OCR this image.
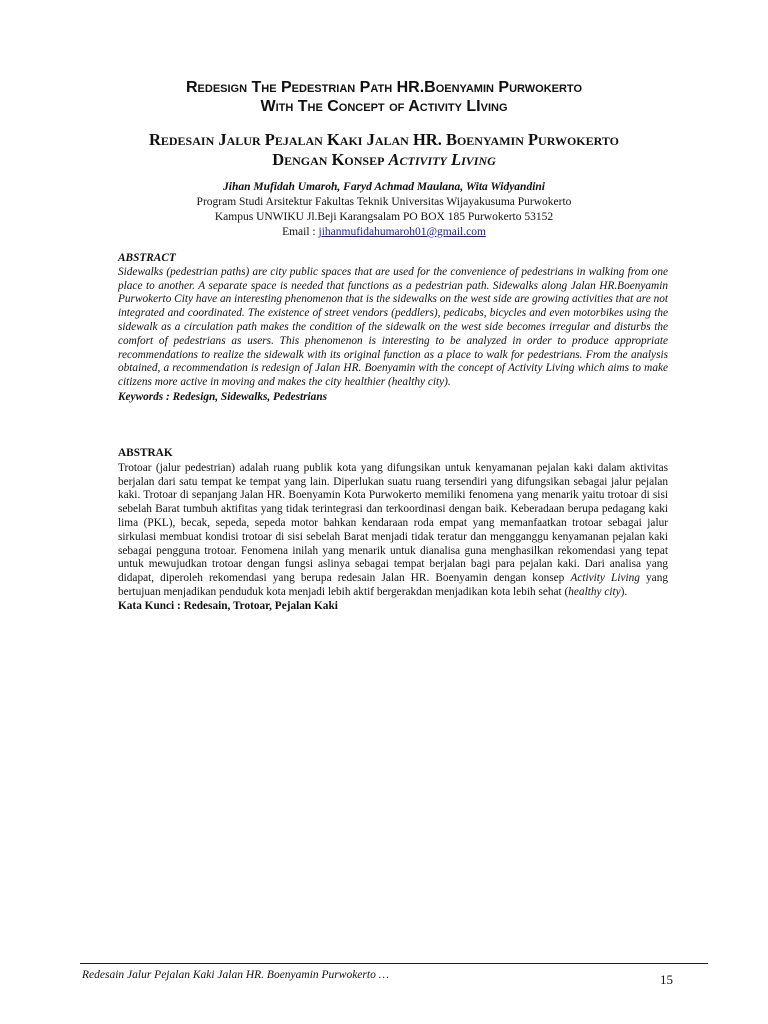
Redesign The Pedestrian Path HR.Boenyamin Purwokerto
With The Concept of Activity LIving
Redesain Jalur Pejalan Kaki Jalan HR. Boenyamin Purwokerto
Dengan Konsep Activity Living
Jihan Mufidah Umaroh, Faryd Achmad Maulana, Wita Widyandini
Program Studi Arsitektur Fakultas Teknik Universitas Wijayakusuma Purwokerto
Kampus UNWIKU Jl.Beji Karangsalam PO BOX 185 Purwokerto 53152
Email : jihanmufidahumaroh01@gmail.com
ABSTRACT
Sidewalks (pedestrian paths) are city public spaces that are used for the convenience of pedestrians in walking from one place to another. A separate space is needed that functions as a pedestrian path. Sidewalks along Jalan HR.Boenyamin Purwokerto City have an interesting phenomenon that is the sidewalks on the west side are growing activities that are not integrated and coordinated. The existence of street vendors (peddlers), pedicabs, bicycles and even motorbikes using the sidewalk as a circulation path makes the condition of the sidewalk on the west side becomes irregular and disturbs the comfort of pedestrians as users. This phenomenon is interesting to be analyzed in order to produce appropriate recommendations to realize the sidewalk with its original function as a place to walk for pedestrians. From the analysis obtained, a recommendation is redesign of Jalan HR. Boenyamin with the concept of Activity Living which aims to make citizens more active in moving and makes the city healthier (healthy city).
Keywords : Redesign, Sidewalks, Pedestrians
ABSTRAK
Trotoar (jalur pedestrian) adalah ruang publik kota yang difungsikan untuk kenyamanan pejalan kaki dalam aktivitas berjalan dari satu tempat ke tempat yang lain. Diperlukan suatu ruang tersendiri yang difungsikan sebagai jalur pejalan kaki. Trotoar di sepanjang Jalan HR. Boenyamin Kota Purwokerto memiliki fenomena yang menarik yaitu trotoar di sisi sebelah Barat tumbuh aktifitas yang tidak terintegrasi dan terkoordinasi dengan baik. Keberadaan berupa pedagang kaki lima (PKL), becak, sepeda, sepeda motor bahkan kendaraan roda empat yang memanfaatkan trotoar sebagai jalur sirkulasi membuat kondisi trotoar di sisi sebelah Barat menjadi tidak teratur dan mengganggu kenyamanan pejalan kaki sebagai pengguna trotoar. Fenomena inilah yang menarik untuk dianalisa guna menghasilkan rekomendasi yang tepat untuk mewujudkan trotoar dengan fungsi aslinya sebagai tempat berjalan bagi para pejalan kaki. Dari analisa yang didapat, diperoleh rekomendasi yang berupa redesain Jalan HR. Boenyamin dengan konsep Activity Living yang bertujuan menjadikan penduduk kota menjadi lebih aktif bergerakdan menjadikan kota lebih sehat (healthy city).
Kata Kunci : Redesain, Trotoar, Pejalan Kaki
Redesain Jalur Pejalan Kaki Jalan HR. Boenyamin Purwokerto …	15
